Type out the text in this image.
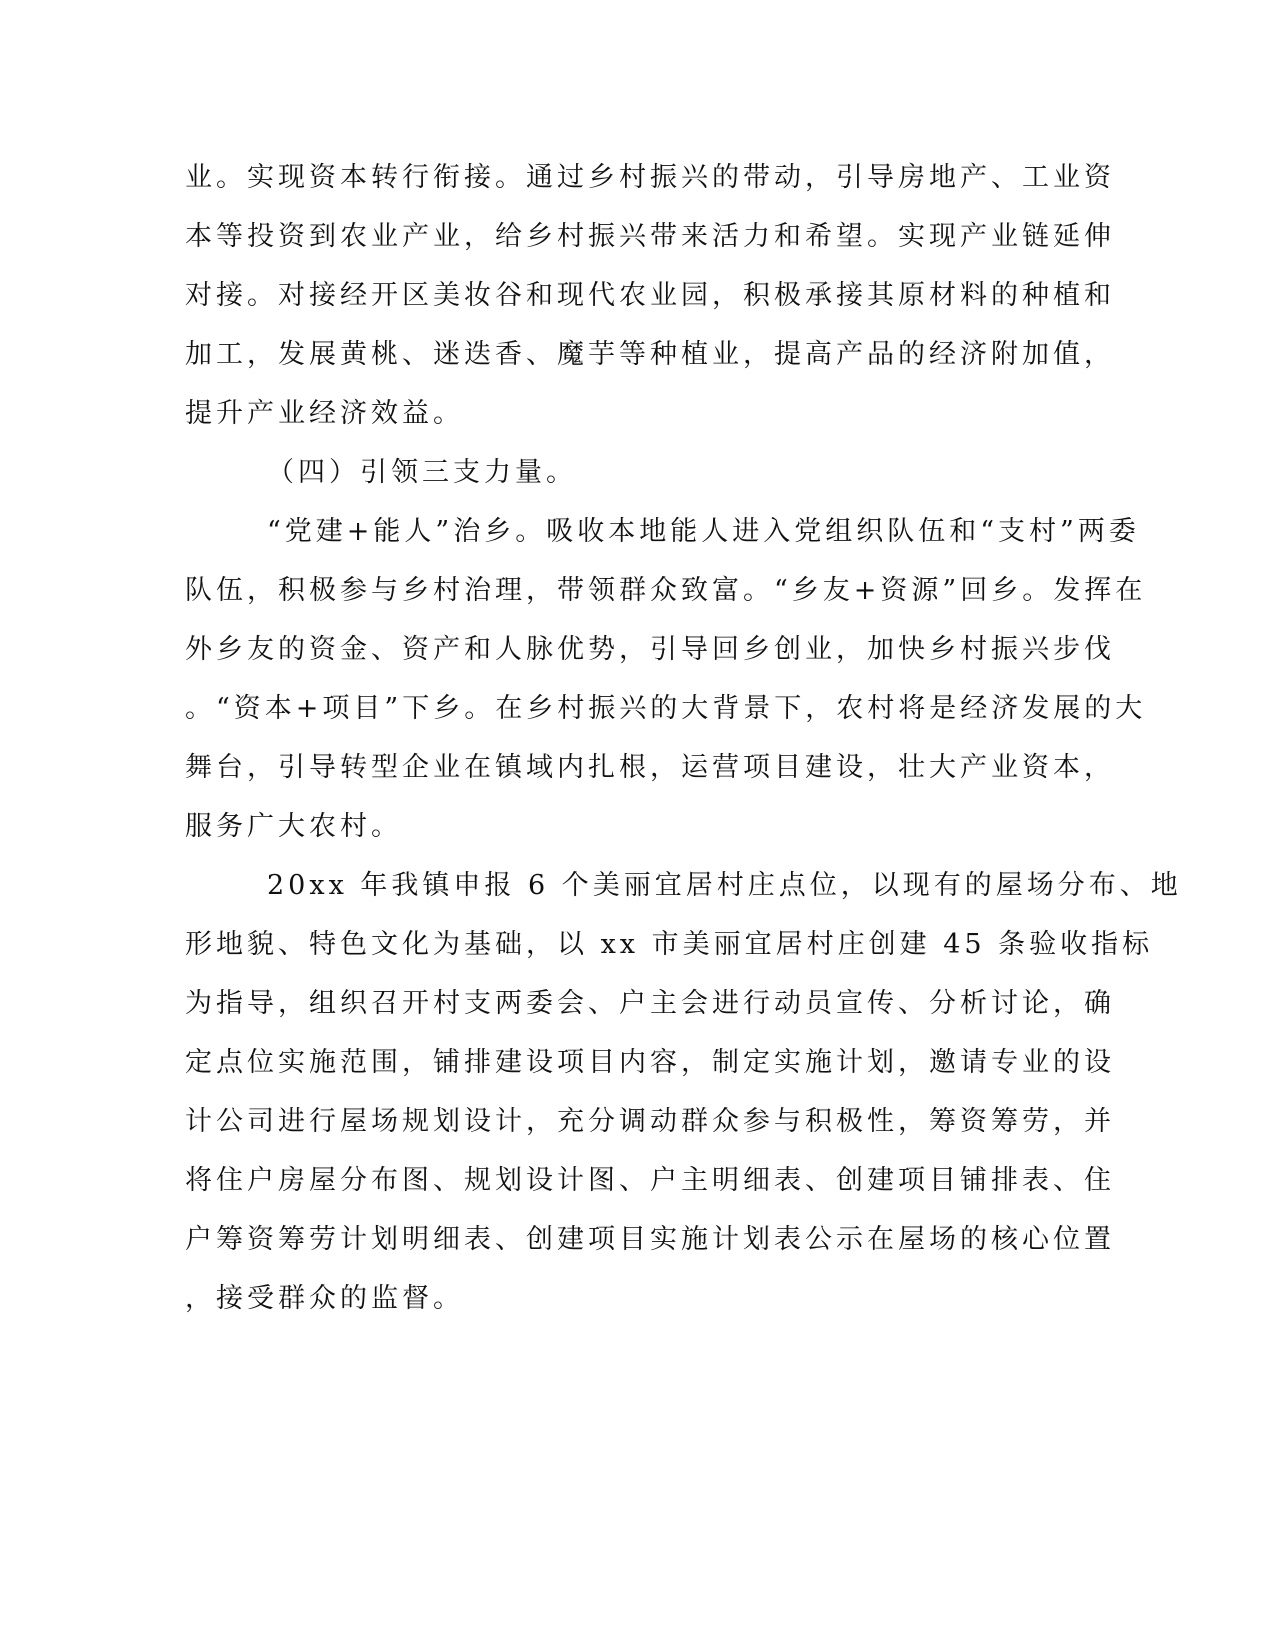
业。实现资本转行衔接。通过乡村振兴的带动，引导房地产、工业资
本等投资到农业产业，给乡村振兴带来活力和希望。实现产业链延伸
对接。对接经开区美妆谷和现代农业园，积极承接其原材料的种植和
加工，发展黄桃、迷迭香、魔芋等种植业，提高产品的经济附加值，
提升产业经济效益。
（四）引领三支力量。
“党建+能人”治乡。吸收本地能人进入党组织队伍和“支村”两委
队伍，积极参与乡村治理，带领群众致富。“乡友+资源”回乡。发挥在
外乡友的资金、资产和人脉优势，引导回乡创业，加快乡村振兴步伐
。“资本+项目”下乡。在乡村振兴的大背景下，农村将是经济发展的大
舞台，引导转型企业在镇域内扎根，运营项目建设，壮大产业资本，
服务广大农村。
20xx 年我镇申报 6 个美丽宜居村庄点位，以现有的屋场分布、地
形地貌、特色文化为基础，以 xx 市美丽宜居村庄创建 45 条验收指标
为指导，组织召开村支两委会、户主会进行动员宣传、分析讨论，确
定点位实施范围，铺排建设项目内容，制定实施计划，邀请专业的设
计公司进行屋场规划设计，充分调动群众参与积极性，筹资筹劳，并
将住户房屋分布图、规划设计图、户主明细表、创建项目铺排表、住
户筹资筹劳计划明细表、创建项目实施计划表公示在屋场的核心位置
，接受群众的监督。
